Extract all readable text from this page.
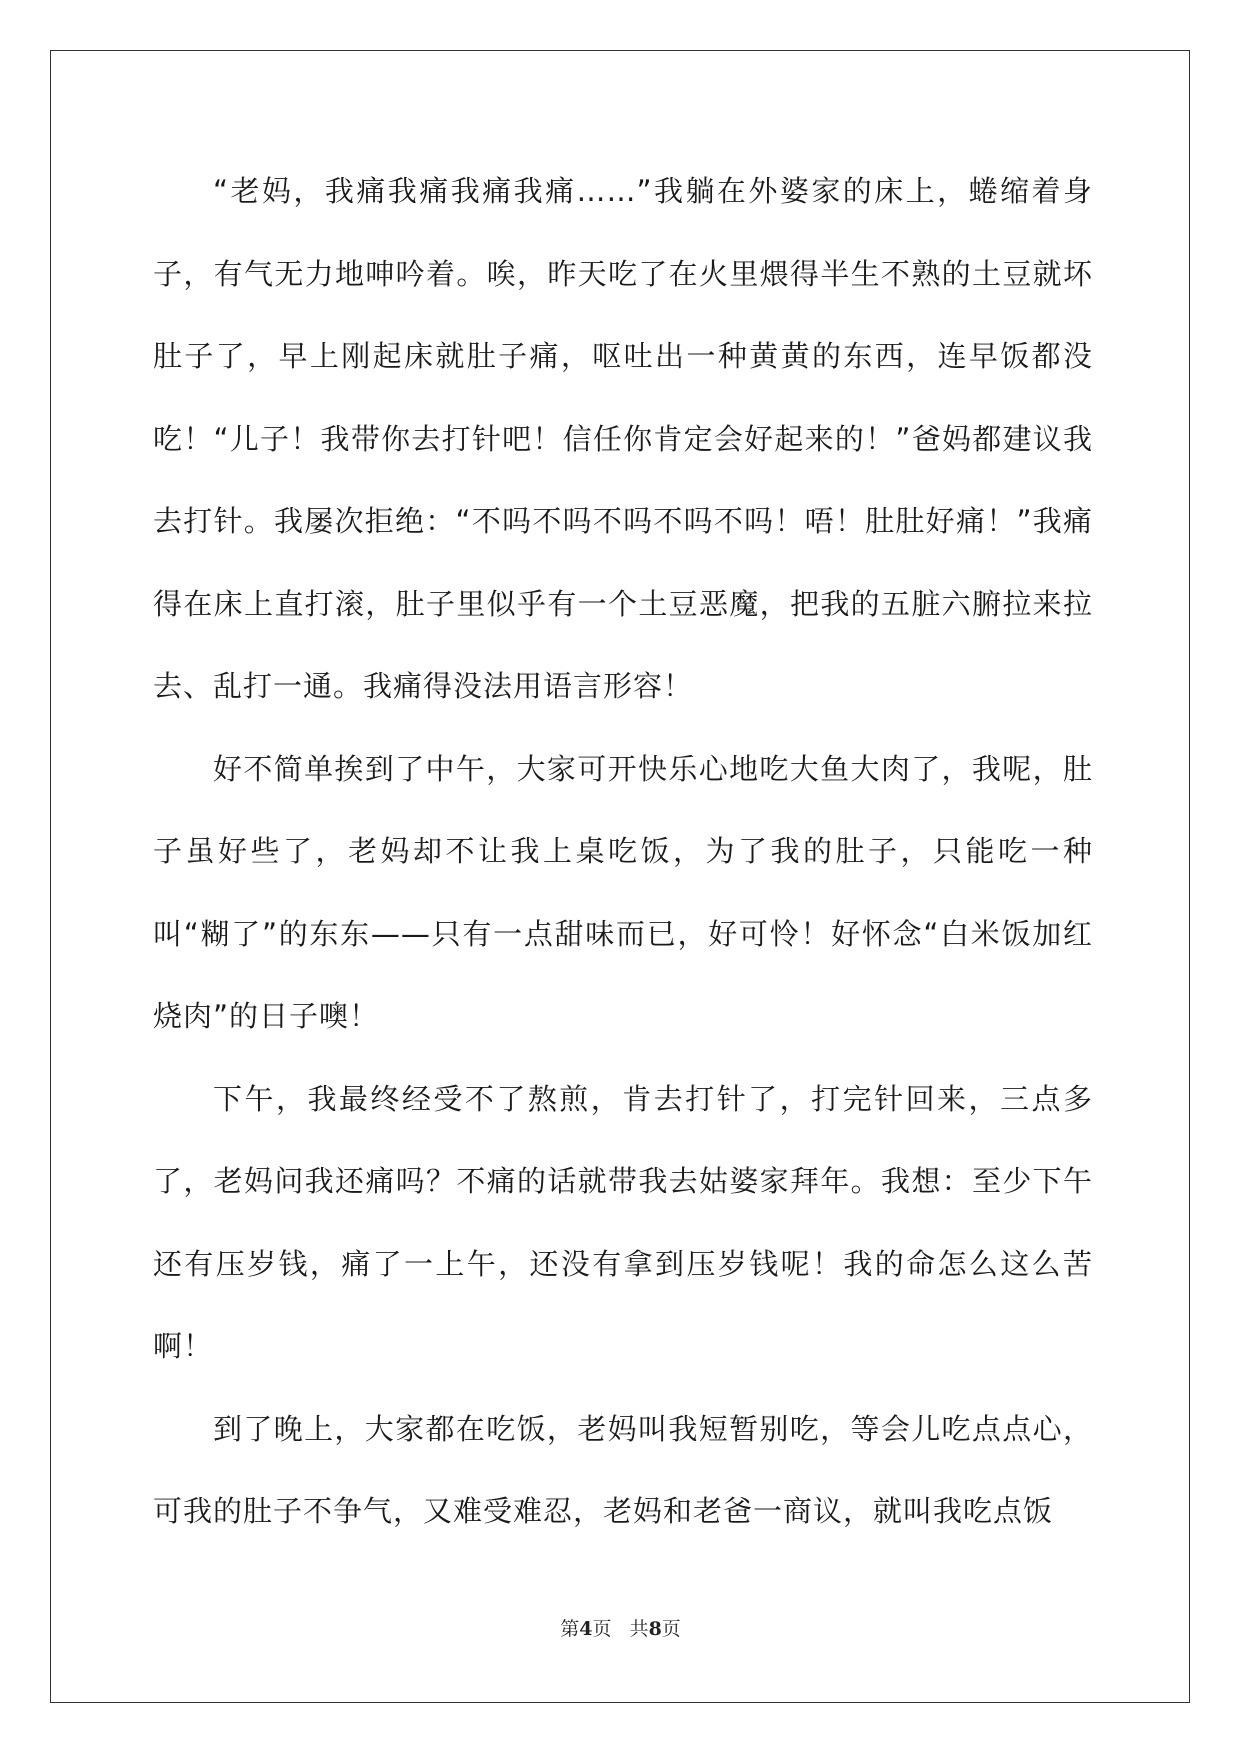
“老妈，我痛我痛我痛我痛……”我躺在外婆家的床上，蜷缩着身子，有气无力地呻吟着。唉，昨天吃了在火里煨得半生不熟的土豆就坏肚子了，早上刚起床就肚子痛，呕吐出一种黄黄的东西，连早饭都没吃！“儿子！我带你去打针吧！信任你肯定会好起来的！”爸妈都建议我去打针。我屡次拒绝：“不吗不吗不吗不吗不吗！唔！肚肚好痛！”我痛得在床上直打滚，肚子里似乎有一个土豆恶魔，把我的五脏六腑拉来拉去、乱打一通。我痛得没法用语言形容！

好不简单挨到了中午，大家可开快乐心地吃大鱼大肉了，我呢，肚子虽好些了，老妈却不让我上桌吃饭，为了我的肚子，只能吃一种叫“糊了”的东东——只有一点甜味而已，好可怜！好怀念“白米饭加红烧肉”的日子噢！

下午，我最终经受不了熬煎，肯去打针了，打完针回来，三点多了，老妈问我还痛吗？不痛的话就带我去姑婆家拜年。我想：至少下午还有压岁钱，痛了一上午，还没有拿到压岁钱呢！我的命怎么这么苦啊！

到了晚上，大家都在吃饭，老妈叫我短暂别吃，等会儿吃点点心，可我的肚子不争气，又难受难忍，老妈和老爸一商议，就叫我吃点饭

第4页   共8页
